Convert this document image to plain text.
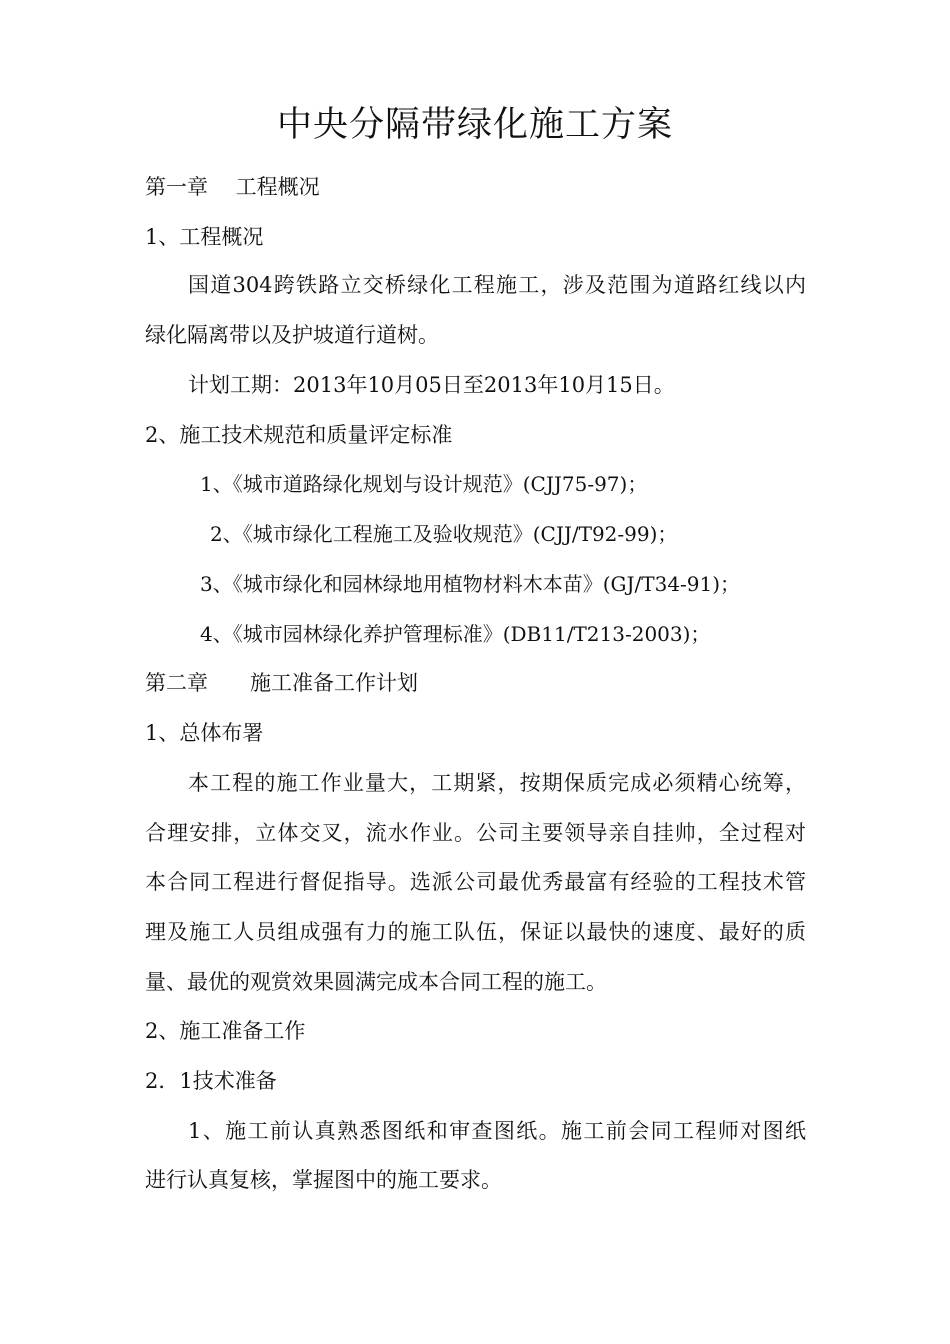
中央分隔带绿化施工方案
第一章　 工程概况
1、工程概况
国道304跨铁路立交桥绿化工程施工，涉及范围为道路红线以内
绿化隔离带以及护坡道行道树。
计划工期：2013年10月05日至2013年10月15日。
2、施工技术规范和质量评定标准
1、《城市道路绿化规划与设计规范》(CJJ75-97)；
2、《城市绿化工程施工及验收规范》(CJJ/T92-99)；
3、《城市绿化和园林绿地用植物材料木本苗》(GJ/T34-91)；
4、《城市园林绿化养护管理标准》(DB11/T213-2003)；
第二章　　施工准备工作计划
1、总体布署
本工程的施工作业量大，工期紧，按期保质完成必须精心统筹，
合理安排，立体交叉，流水作业。公司主要领导亲自挂帅，全过程对
本合同工程进行督促指导。选派公司最优秀最富有经验的工程技术管
理及施工人员组成强有力的施工队伍，保证以最快的速度、最好的质
量、最优的观赏效果圆满完成本合同工程的施工。
2、施工准备工作
2．1技术准备
1、施工前认真熟悉图纸和审查图纸。施工前会同工程师对图纸
进行认真复核，掌握图中的施工要求。
